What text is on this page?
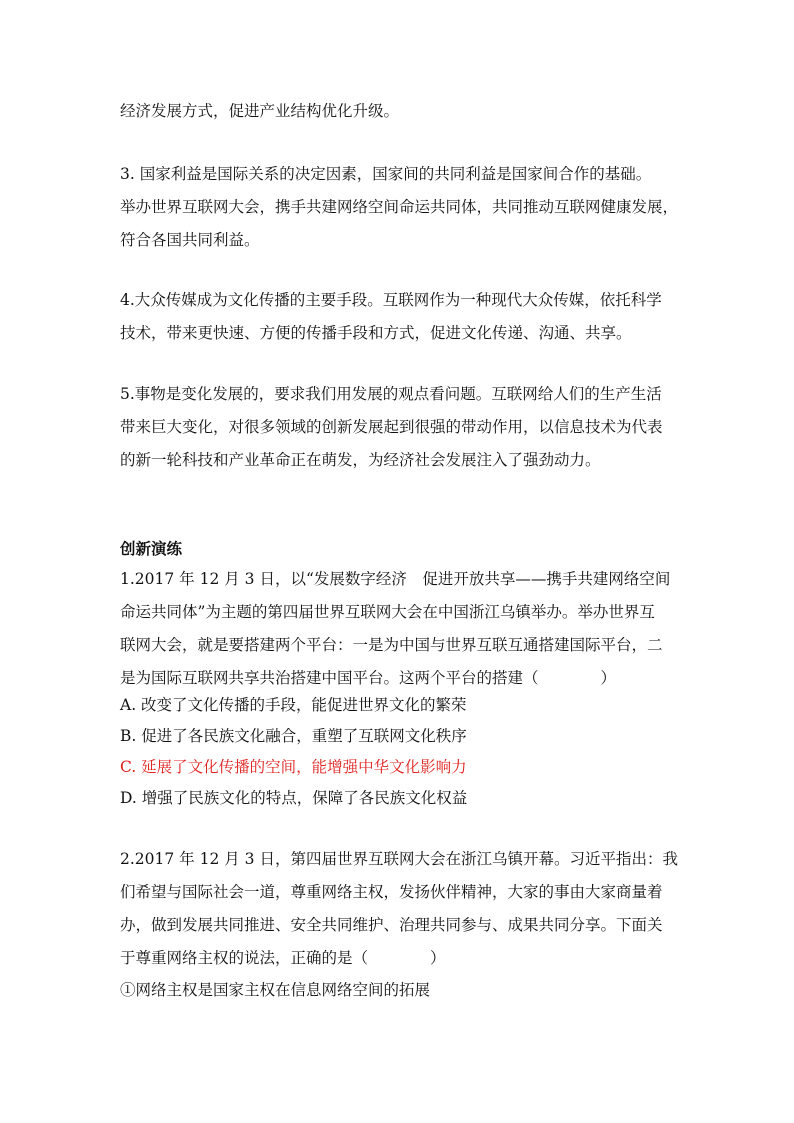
经济发展方式，促进产业结构优化升级。
3. 国家利益是国际关系的决定因素，国家间的共同利益是国家间合作的基础。
举办世界互联网大会，携手共建网络空间命运共同体，共同推动互联网健康发展，
符合各国共同利益。
4.大众传媒成为文化传播的主要手段。互联网作为一种现代大众传媒，依托科学
技术，带来更快速、方便的传播手段和方式，促进文化传递、沟通、共享。
5.事物是变化发展的，要求我们用发展的观点看问题。互联网给人们的生产生活
带来巨大变化，对很多领域的创新发展起到很强的带动作用，以信息技术为代表
的新一轮科技和产业革命正在萌发，为经济社会发展注入了强劲动力。
创新演练
1.2017 年 12 月 3 日，以“发展数字经济　促进开放共享——携手共建网络空间
命运共同体”为主题的第四届世界互联网大会在中国浙江乌镇举办。举办世界互
联网大会，就是要搭建两个平台：一是为中国与世界互联互通搭建国际平台，二
是为国际互联网共享共治搭建中国平台。这两个平台的搭建（　　　　）
A. 改变了文化传播的手段，能促进世界文化的繁荣
B. 促进了各民族文化融合，重塑了互联网文化秩序
C. 延展了文化传播的空间，能增强中华文化影响力
D. 增强了民族文化的特点，保障了各民族文化权益
2.2017 年 12 月 3 日，第四届世界互联网大会在浙江乌镇开幕。习近平指出：我
们希望与国际社会一道，尊重网络主权，发扬伙伴精神，大家的事由大家商量着
办，做到发展共同推进、安全共同维护、治理共同参与、成果共同分享。下面关
于尊重网络主权的说法，正确的是（　　　　）
①网络主权是国家主权在信息网络空间的拓展
